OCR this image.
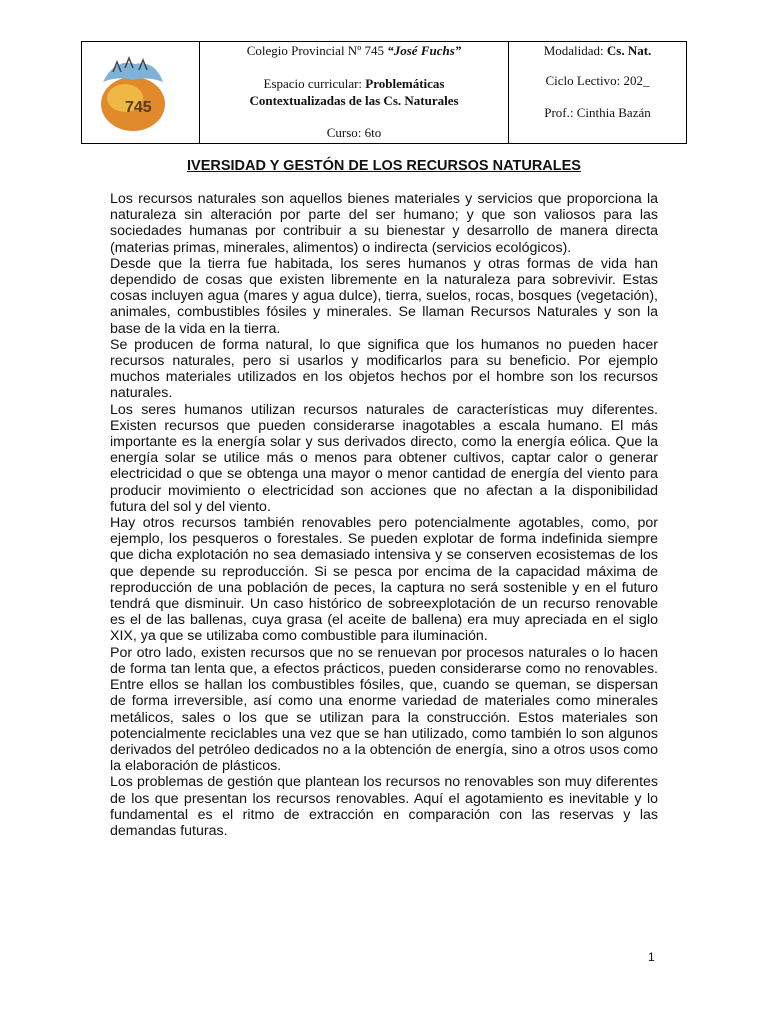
745

Colegio Provincial Nº 745 “José Fuchs”
Espacio curricular: Problemáticas
Contextualizadas de las Cs. Naturales
Curso: 6to

Modalidad: Cs. Nat.
Ciclo Lectivo: 202_
Prof.: Cinthia Bazán
IVERSIDAD Y GESTÓN DE LOS RECURSOS NATURALES

Los recursos naturales son aquellos bienes materiales y servicios que proporciona la naturaleza sin alteración por parte del ser humano; y que son valiosos para las sociedades humanas por contribuir a su bienestar y desarrollo de manera directa (materias primas, minerales, alimentos) o indirecta (servicios ecológicos).

Desde que la tierra fue habitada, los seres humanos y otras formas de vida han dependido de cosas que existen libremente en la naturaleza para sobrevivir. Estas cosas incluyen agua (mares y agua dulce), tierra, suelos, rocas, bosques (vegetación), animales, combustibles fósiles y minerales. Se llaman Recursos Naturales y son la base de la vida en la tierra.

Se producen de forma natural, lo que significa que los humanos no pueden hacer recursos naturales, pero si usarlos y modificarlos para su beneficio. Por ejemplo muchos materiales utilizados en los objetos hechos por el hombre son los recursos naturales.

Los seres humanos utilizan recursos naturales de características muy diferentes. Existen recursos que pueden considerarse inagotables a escala humano. El más importante es la energía solar y sus derivados directo, como la energía eólica. Que la energía solar se utilice más o menos para obtener cultivos, captar calor o generar electricidad o que se obtenga una mayor o menor cantidad de energía del viento para producir movimiento o electricidad son acciones que no afectan a la disponibilidad futura del sol y del viento.

Hay otros recursos también renovables pero potencialmente agotables, como, por ejemplo, los pesqueros o forestales. Se pueden explotar de forma indefinida siempre que dicha explotación no sea demasiado intensiva y se conserven ecosistemas de los que depende su reproducción. Si se pesca por encima de la capacidad máxima de reproducción de una población de peces, la captura no será sostenible y en el futuro tendrá que disminuir. Un caso histórico de sobreexplotación de un recurso renovable es el de las ballenas, cuya grasa (el aceite de ballena) era muy apreciada en el siglo XIX, ya que se utilizaba como combustible para iluminación.

Por otro lado, existen recursos que no se renuevan por procesos naturales o lo hacen de forma tan lenta que, a efectos prácticos, pueden considerarse como no renovables. Entre ellos se hallan los combustibles fósiles, que, cuando se queman, se dispersan de forma irreversible, así como una enorme variedad de materiales como minerales metálicos, sales o los que se utilizan para la construcción. Estos materiales son potencialmente reciclables una vez que se han utilizado, como también lo son algunos derivados del petróleo dedicados no a la obtención de energía, sino a otros usos como la elaboración de plásticos.

Los problemas de gestión que plantean los recursos no renovables son muy diferentes de los que presentan los recursos renovables. Aquí el agotamiento es inevitable y lo fundamental es el ritmo de extracción en comparación con las reservas y las demandas futuras.

1
